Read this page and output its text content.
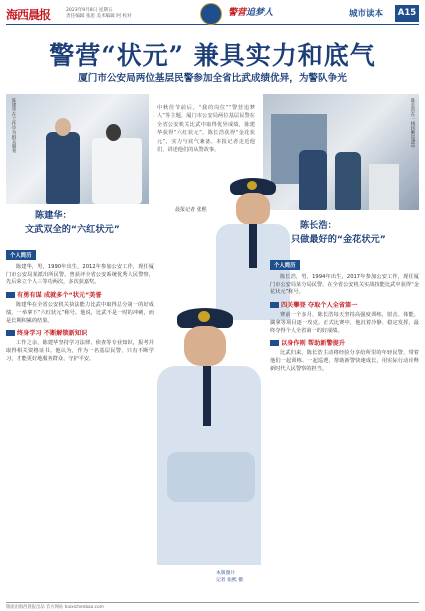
海西晨报	2023年9月8日 星期五
责任编辑 张思 美术编辑 阿 校对	警营追梦人	城市读本	A15
警营“状元” 兼具实力和底气
厦门市公安局两位基层民警参加全省比武成绩优异，为警队争光
陈建华在工作中为群众服务	陈长浩在一线执勤巡逻中
中秋佳节前后，“我的岗位”“警营追梦人”等主题，厦门市公安局两位基层民警在全省公安机关比武中取得优异成绩，陈建华获得“六红状元”，陈长浩获得“金花状元”，实力与底气兼备。本报记者走近他们，讲述他们的从警故事。
晨报记者 张熙
本版图片
记者 张熙 摄
陈建华：
文武双全的“六红状元”	陈长浩：
只做最好的“金花状元”
个人简历
陈建华，男，1990年出生，2012年参加公安工作，现任厦门市公安局某派出所民警。曾获评全省公安系统优秀人民警察，先后荣立个人三等功两次，多次获嘉奖。
有勇有谋 成就多个“状元”美誉
陈建华在全省公安机关执法能力比武中取得总分第一的好成绩，一举拿下“六红状元”称号。他说，比武不是一时的冲刺，而是长期积累的结果。
终身学习 不断解锁新知识
工作之余，陈建华坚持学习法律、侦查等专业知识，报考并取得相关资格证书。他认为，作为一名基层民警，只有不断学习，才能更好地服务群众、守护平安。
个人简历
陈长浩，男，1994年出生，2017年参加公安工作，现任厦门市公安局某分局民警。在全省公安机关实战技能比武中获得“金花状元”称号。
四关攀登 夺取个人全省第一
赛前一个多月，陈长浩每天坚持高强度训练，射击、体能、擒拿等项目逐一攻克。正式比赛中，他沉着冷静、稳定发挥，最终夺得个人全省第一的好成绩。
以身作则 帮助新警提升
比武归来，陈长浩主动将经验分享给所里的年轻民警，带着他们一起训练、一起巡逻，帮助新警快速成长，用实际行动诠释新时代人民警察的担当。
版面由海西晨报出品 官方网站 haixichenbao.com
